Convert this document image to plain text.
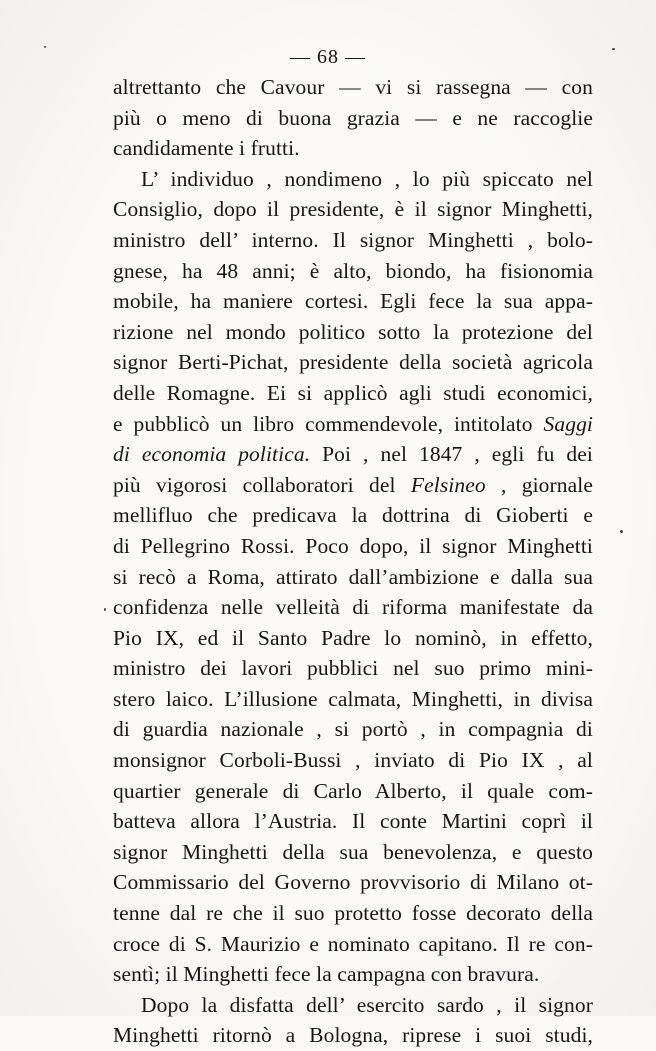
— 68 —
altrettanto che Cavour — vi si rassegna — con
più o meno di buona grazia — e ne raccoglie
candidamente i frutti.
L’ individuo , nondimeno , lo più spiccato nel
Consiglio, dopo il presidente, è il signor Minghetti,
ministro dell’ interno. Il signor Minghetti , bolo-
gnese, ha 48 anni; è alto, biondo, ha fisionomia
mobile, ha maniere cortesi. Egli fece la sua appa-
rizione nel mondo politico sotto la protezione del
signor Berti-Pichat, presidente della società agricola
delle Romagne. Ei si applicò agli studi economici,
e pubblicò un libro commendevole, intitolato Saggi
di economia politica. Poi , nel 1847 , egli fu dei
più vigorosi collaboratori del Felsineo , giornale
mellifluo che predicava la dottrina di Gioberti e
di Pellegrino Rossi. Poco dopo, il signor Minghetti
si recò a Roma, attirato dall’ambizione e dalla sua
confidenza nelle velleità di riforma manifestate da
Pio IX, ed il Santo Padre lo nominò, in effetto,
ministro dei lavori pubblici nel suo primo mini-
stero laico. L’illusione calmata, Minghetti, in divisa
di guardia nazionale , si portò , in compagnia di
monsignor Corboli-Bussi , inviato di Pio IX , al
quartier generale di Carlo Alberto, il quale com-
batteva allora l’Austria. Il conte Martini coprì il
signor Minghetti della sua benevolenza, e questo
Commissario del Governo provvisorio di Milano ot-
tenne dal re che il suo protetto fosse decorato della
croce di S. Maurizio e nominato capitano. Il re con-
sentì; il Minghetti fece la campagna con bravura.
Dopo la disfatta dell’ esercito sardo , il signor
Minghetti ritornò a Bologna, riprese i suoi studi,
